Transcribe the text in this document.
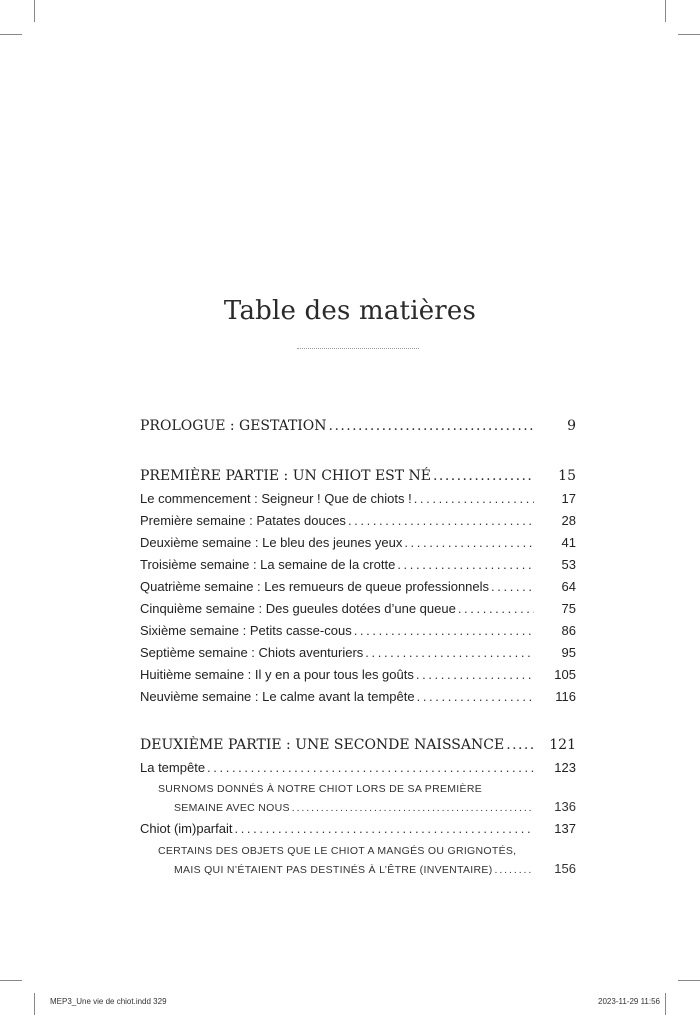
Table des matières
PROLOGUE : GESTATION . . .	9
PREMIÈRE PARTIE : UN CHIOT EST NÉ . . .	15
Le commencement : Seigneur ! Que de chiots ! . . .	17
Première semaine : Patates douces . . .	28
Deuxième semaine : Le bleu des jeunes yeux . . .	41
Troisième semaine : La semaine de la crotte . . .	53
Quatrième semaine : Les remueurs de queue professionnels . . .	64
Cinquième semaine : Des gueules dotées d’une queue . . .	75
Sixième semaine : Petits casse-cous . . .	86
Septième semaine : Chiots aventuriers . . .	95
Huitième semaine : Il y en a pour tous les goûts . . .	105
Neuvième semaine : Le calme avant la tempête . . .	116
DEUXIÈME PARTIE : UNE SECONDE NAISSANCE . . .	121
La tempête . . .	123
SURNOMS DONNÉS À NOTRE CHIOT LORS DE SA PREMIÈRE
SEMAINE AVEC NOUS . . .	136
Chiot (im)parfait . . .	137
CERTAINS DES OBJETS QUE LE CHIOT A MANGÉS OU GRIGNOTÉS,
MAIS QUI N’ÉTAIENT PAS DESTINÉS À L’ÊTRE (INVENTAIRE) . . .	156
MEP3_Une vie de chiot.indd 329	2023-11-29 11:56
